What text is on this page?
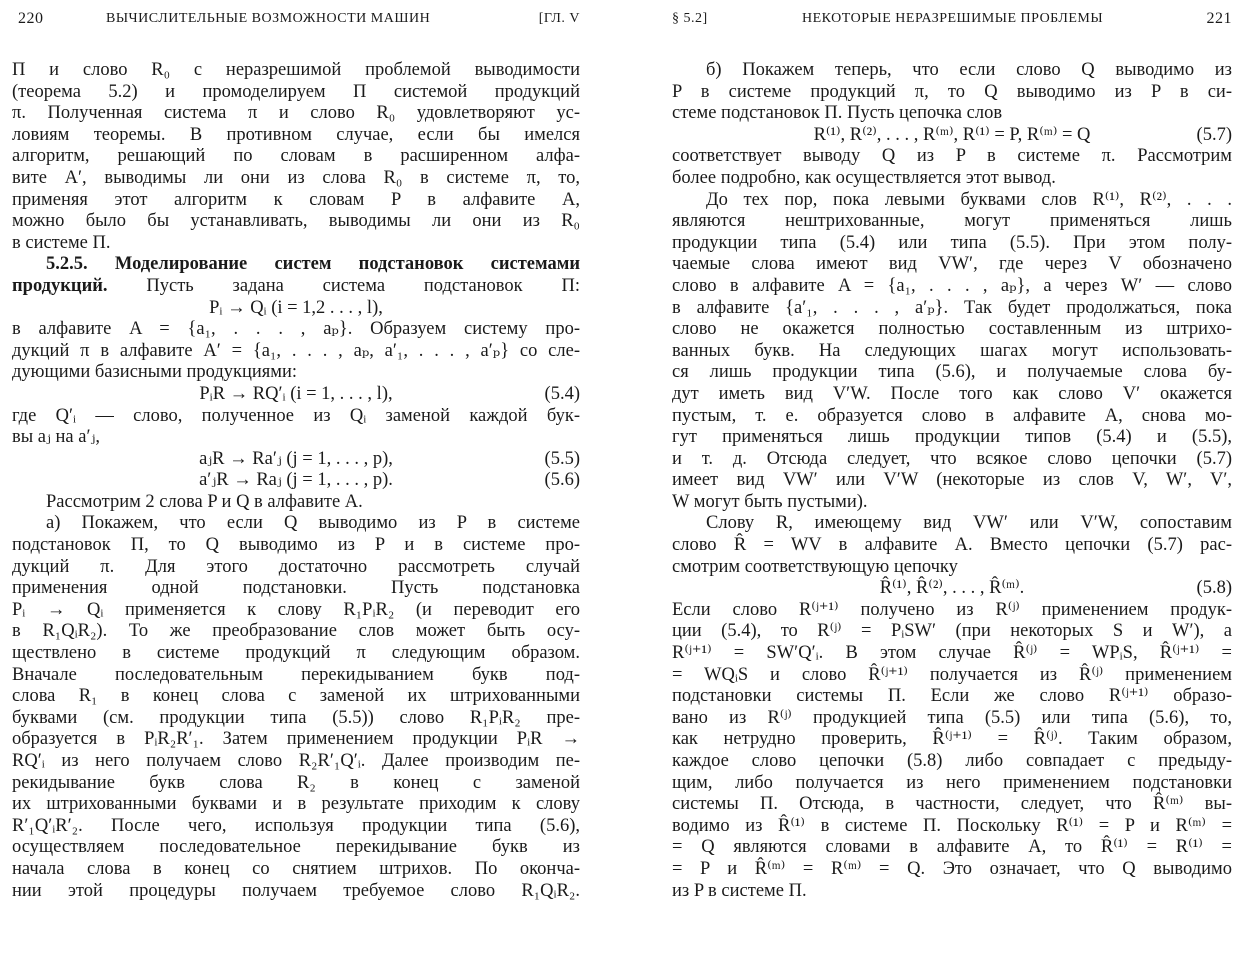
220	ВЫЧИСЛИТЕЛЬНЫЕ ВОЗМОЖНОСТИ МАШИН	[ГЛ. V
П и слово R₀ с неразрешимой проблемой выводимости
(теорема 5.2) и промоделируем П системой продукций
π. Полученная система π и слово R₀ удовлетворяют ус-
ловиям теоремы. В противном случае, если бы имелся
алгоритм, решающий по словам в расширенном алфа-
вите A′, выводимы ли они из слова R₀ в системе π, то,
применяя этот алгоритм к словам P в алфавите A,
можно было бы устанавливать, выводимы ли они из R₀
в системе П.
5.2.5. Моделирование систем подстановок системами
продукций. Пусть задана система подстановок П:
Pᵢ → Qᵢ (i = 1,2 . . . , l),
в алфавите A = {a₁, . . . , aₚ}. Образуем систему про-
дукций π в алфавите A′ = {a₁, . . . , aₚ, a′₁, . . . , a′ₚ} со сле-
дующими базисными продукциями:
PᵢR → RQ′ᵢ (i = 1, . . . , l),	(5.4)
где Q′ᵢ — слово, полученное из Qᵢ заменой каждой бук-
вы aⱼ на a′ⱼ,
aⱼR → Ra′ⱼ (j = 1, . . . , p),	(5.5)
a′ⱼR → Raⱼ (j = 1, . . . , p).	(5.6)
Рассмотрим 2 слова P и Q в алфавите A.
а) Покажем, что если Q выводимо из P в системе
подстановок П, то Q выводимо из P и в системе про-
дукций π. Для этого достаточно рассмотреть случай
применения одной подстановки. Пусть подстановка
Pᵢ → Qᵢ применяется к слову R₁PᵢR₂ (и переводит его
в R₁QᵢR₂). То же преобразование слов может быть осу-
ществлено в системе продукций π следующим образом.
Вначале последовательным перекидыванием букв под-
слова R₁ в конец слова с заменой их штрихованными
буквами (см. продукции типа (5.5)) слово R₁PᵢR₂ пре-
образуется в PᵢR₂R′₁. Затем применением продукции PᵢR →
RQ′ᵢ из него получаем слово R₂R′₁Q′ᵢ. Далее производим пе-
рекидывание букв слова R₂ в конец с заменой
их штрихованными буквами и в результате приходим к слову
R′₁Q′ᵢR′₂. После чего, используя продукции типа (5.6),
осуществляем последовательное перекидывание букв из
начала слова в конец со снятием штрихов. По оконча-
нии этой процедуры получаем требуемое слово R₁QᵢR₂.
§ 5.2]	НЕКОТОРЫЕ НЕРАЗРЕШИМЫЕ ПРОБЛЕМЫ	221
б) Покажем теперь, что если слово Q выводимо из
P в системе продукций π, то Q выводимо из P в си-
стеме подстановок П. Пусть цепочка слов
R⁽¹⁾, R⁽²⁾, . . . , R⁽ᵐ⁾, R⁽¹⁾ = P, R⁽ᵐ⁾ = Q	(5.7)
соответствует выводу Q из P в системе π. Рассмотрим
более подробно, как осуществляется этот вывод.
До тех пор, пока левыми буквами слов R⁽¹⁾, R⁽²⁾, . . .
являются нештрихованные, могут применяться лишь
продукции типа (5.4) или типа (5.5). При этом полу-
чаемые слова имеют вид VW′, где через V обозначено
слово в алфавите A = {a₁, . . . , aₚ}, а через W′ — слово
в алфавите {a′₁, . . . , a′ₚ}. Так будет продолжаться, пока
слово не окажется полностью составленным из штрихо-
ванных букв. На следующих шагах могут использовать-
ся лишь продукции типа (5.6), и получаемые слова бу-
дут иметь вид V′W. После того как слово V′ окажется
пустым, т. е. образуется слово в алфавите A, снова мо-
гут применяться лишь продукции типов (5.4) и (5.5),
и т. д. Отсюда следует, что всякое слово цепочки (5.7)
имеет вид VW′ или V′W (некоторые из слов V, W′, V′,
W могут быть пустыми).
Слову R, имеющему вид VW′ или V′W, сопоставим
слово R̂ = WV в алфавите A. Вместо цепочки (5.7) рас-
смотрим соответствующую цепочку
R̂⁽¹⁾, R̂⁽²⁾, . . . , R̂⁽ᵐ⁾.	(5.8)
Если слово R⁽ʲ⁺¹⁾ получено из R⁽ʲ⁾ применением продук-
ции (5.4), то R⁽ʲ⁾ = PᵢSW′ (при некоторых S и W′), а
R⁽ʲ⁺¹⁾ = SW′Q′ᵢ. В этом случае R̂⁽ʲ⁾ = WPᵢS, R̂⁽ʲ⁺¹⁾ =
= WQᵢS и слово R̂⁽ʲ⁺¹⁾ получается из R̂⁽ʲ⁾ применением
подстановки системы П. Если же слово R⁽ʲ⁺¹⁾ образо-
вано из R⁽ʲ⁾ продукцией типа (5.5) или типа (5.6), то,
как нетрудно проверить, R̂⁽ʲ⁺¹⁾ = R̂⁽ʲ⁾. Таким образом,
каждое слово цепочки (5.8) либо совпадает с предыду-
щим, либо получается из него применением подстановки
системы П. Отсюда, в частности, следует, что R̂⁽ᵐ⁾ вы-
водимо из R̂⁽¹⁾ в системе П. Поскольку R⁽¹⁾ = P и R⁽ᵐ⁾ =
= Q являются словами в алфавите A, то R̂⁽¹⁾ = R⁽¹⁾ =
= P и R̂⁽ᵐ⁾ = R⁽ᵐ⁾ = Q. Это означает, что Q выводимо
из P в системе П.
